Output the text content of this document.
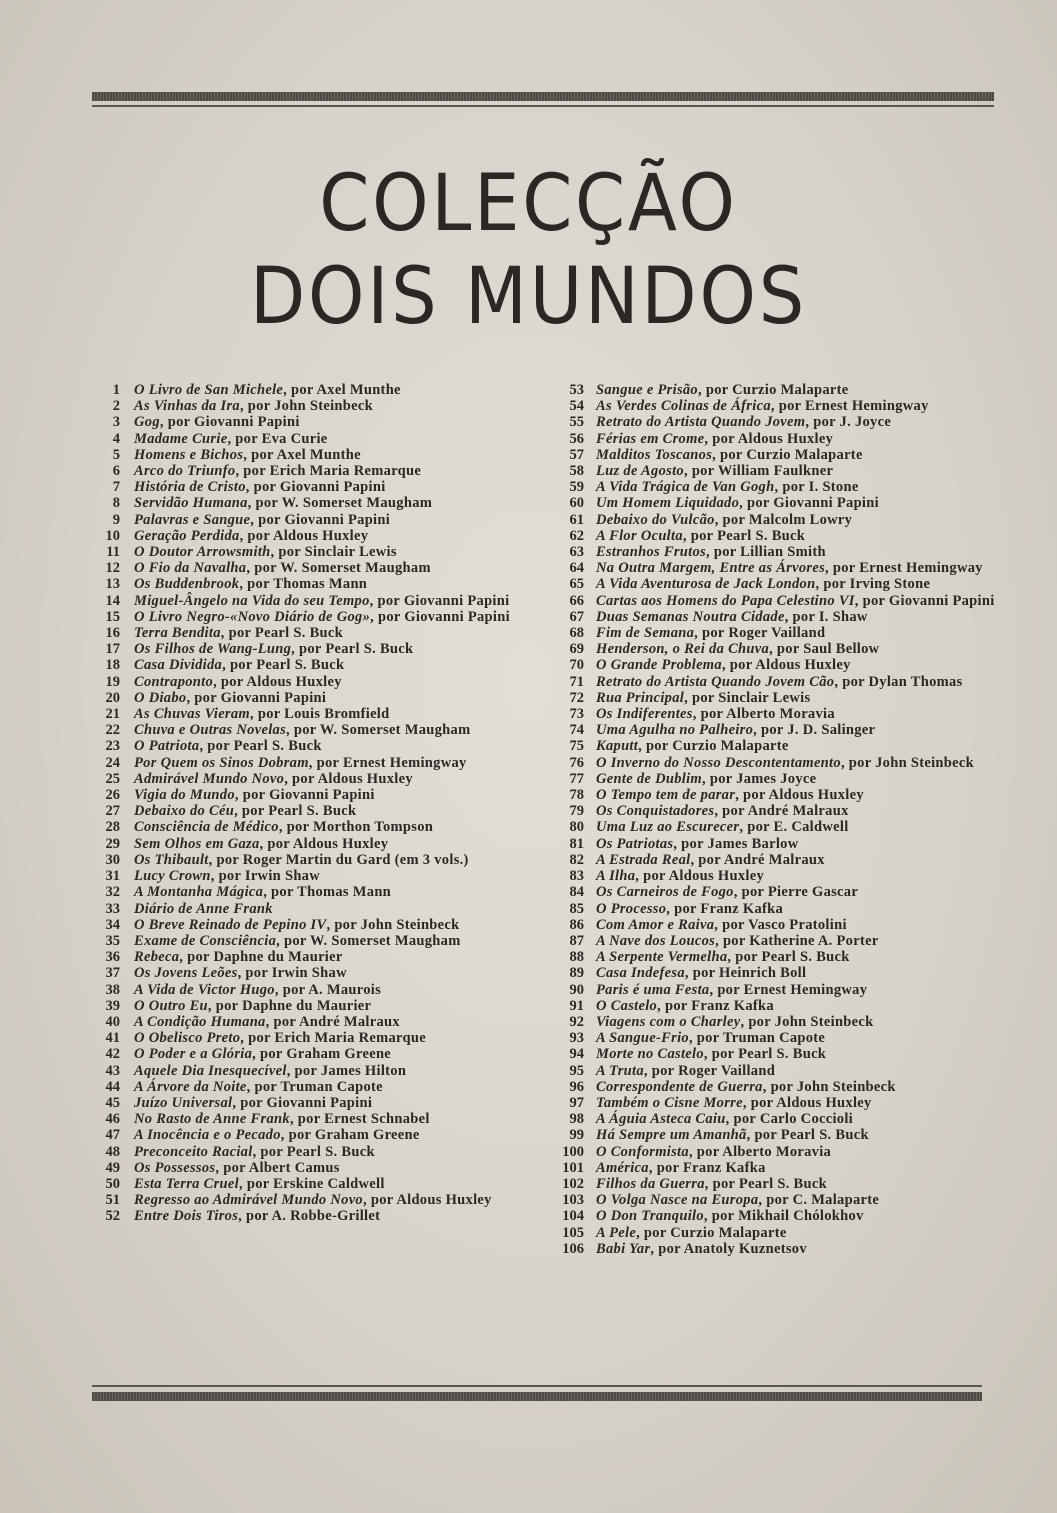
COLECÇÃO
DOIS MUNDOS
1 O Livro de San Michele, por Axel Munthe
2 As Vinhas da Ira, por John Steinbeck
3 Gog, por Giovanni Papini
4 Madame Curie, por Eva Curie
5 Homens e Bichos, por Axel Munthe
6 Arco do Triunfo, por Erich Maria Remarque
7 História de Cristo, por Giovanni Papini
8 Servidão Humana, por W. Somerset Maugham
9 Palavras e Sangue, por Giovanni Papini
10 Geração Perdida, por Aldous Huxley
11 O Doutor Arrowsmith, por Sinclair Lewis
12 O Fio da Navalha, por W. Somerset Maugham
13 Os Buddenbrook, por Thomas Mann
14 Miguel-Ângelo na Vida do seu Tempo, por Giovanni Papini
15 O Livro Negro-«Novo Diário de Gog», por Giovanni Papini
16 Terra Bendita, por Pearl S. Buck
17 Os Filhos de Wang-Lung, por Pearl S. Buck
18 Casa Dividida, por Pearl S. Buck
19 Contraponto, por Aldous Huxley
20 O Diabo, por Giovanni Papini
21 As Chuvas Vieram, por Louis Bromfield
22 Chuva e Outras Novelas, por W. Somerset Maugham
23 O Patriota, por Pearl S. Buck
24 Por Quem os Sinos Dobram, por Ernest Hemingway
25 Admirável Mundo Novo, por Aldous Huxley
26 Vigia do Mundo, por Giovanni Papini
27 Debaixo do Céu, por Pearl S. Buck
28 Consciência de Médico, por Morthon Tompson
29 Sem Olhos em Gaza, por Aldous Huxley
30 Os Thibault, por Roger Martin du Gard (em 3 vols.)
31 Lucy Crown, por Irwin Shaw
32 A Montanha Mágica, por Thomas Mann
33 Diário de Anne Frank
34 O Breve Reinado de Pepino IV, por John Steinbeck
35 Exame de Consciência, por W. Somerset Maugham
36 Rebeca, por Daphne du Maurier
37 Os Jovens Leões, por Irwin Shaw
38 A Vida de Victor Hugo, por A. Maurois
39 O Outro Eu, por Daphne du Maurier
40 A Condição Humana, por André Malraux
41 O Obelisco Preto, por Erich Maria Remarque
42 O Poder e a Glória, por Graham Greene
43 Aquele Dia Inesquecível, por James Hilton
44 A Árvore da Noite, por Truman Capote
45 Juízo Universal, por Giovanni Papini
46 No Rasto de Anne Frank, por Ernest Schnabel
47 A Inocência e o Pecado, por Graham Greene
48 Preconceito Racial, por Pearl S. Buck
49 Os Possessos, por Albert Camus
50 Esta Terra Cruel, por Erskine Caldwell
51 Regresso ao Admirável Mundo Novo, por Aldous Huxley
52 Entre Dois Tiros, por A. Robbe-Grillet
53 Sangue e Prisão, por Curzio Malaparte
54 As Verdes Colinas de África, por Ernest Hemingway
55 Retrato do Artista Quando Jovem, por J. Joyce
56 Férias em Crome, por Aldous Huxley
57 Malditos Toscanos, por Curzio Malaparte
58 Luz de Agosto, por William Faulkner
59 A Vida Trágica de Van Gogh, por I. Stone
60 Um Homem Liquidado, por Giovanni Papini
61 Debaixo do Vulcão, por Malcolm Lowry
62 A Flor Oculta, por Pearl S. Buck
63 Estranhos Frutos, por Lillian Smith
64 Na Outra Margem, Entre as Árvores, por Ernest Hemingway
65 A Vida Aventurosa de Jack London, por Irving Stone
66 Cartas aos Homens do Papa Celestino VI, por Giovanni Papini
67 Duas Semanas Noutra Cidade, por I. Shaw
68 Fim de Semana, por Roger Vailland
69 Henderson, o Rei da Chuva, por Saul Bellow
70 O Grande Problema, por Aldous Huxley
71 Retrato do Artista Quando Jovem Cão, por Dylan Thomas
72 Rua Principal, por Sinclair Lewis
73 Os Indiferentes, por Alberto Moravia
74 Uma Agulha no Palheiro, por J. D. Salinger
75 Kaputt, por Curzio Malaparte
76 O Inverno do Nosso Descontentamento, por John Steinbeck
77 Gente de Dublim, por James Joyce
78 O Tempo tem de parar, por Aldous Huxley
79 Os Conquistadores, por André Malraux
80 Uma Luz ao Escurecer, por E. Caldwell
81 Os Patriotas, por James Barlow
82 A Estrada Real, por André Malraux
83 A Ilha, por Aldous Huxley
84 Os Carneiros de Fogo, por Pierre Gascar
85 O Processo, por Franz Kafka
86 Com Amor e Raiva, por Vasco Pratolini
87 A Nave dos Loucos, por Katherine A. Porter
88 A Serpente Vermelha, por Pearl S. Buck
89 Casa Indefesa, por Heinrich Boll
90 Paris é uma Festa, por Ernest Hemingway
91 O Castelo, por Franz Kafka
92 Viagens com o Charley, por John Steinbeck
93 A Sangue-Frio, por Truman Capote
94 Morte no Castelo, por Pearl S. Buck
95 A Truta, por Roger Vailland
96 Correspondente de Guerra, por John Steinbeck
97 Também o Cisne Morre, por Aldous Huxley
98 A Águia Asteca Caiu, por Carlo Coccioli
99 Há Sempre um Amanhã, por Pearl S. Buck
100 O Conformista, por Alberto Moravia
101 América, por Franz Kafka
102 Filhos da Guerra, por Pearl S. Buck
103 O Volga Nasce na Europa, por C. Malaparte
104 O Don Tranquilo, por Mikhail Chólokhov
105 A Pele, por Curzio Malaparte
106 Babi Yar, por Anatoly Kuznetsov
